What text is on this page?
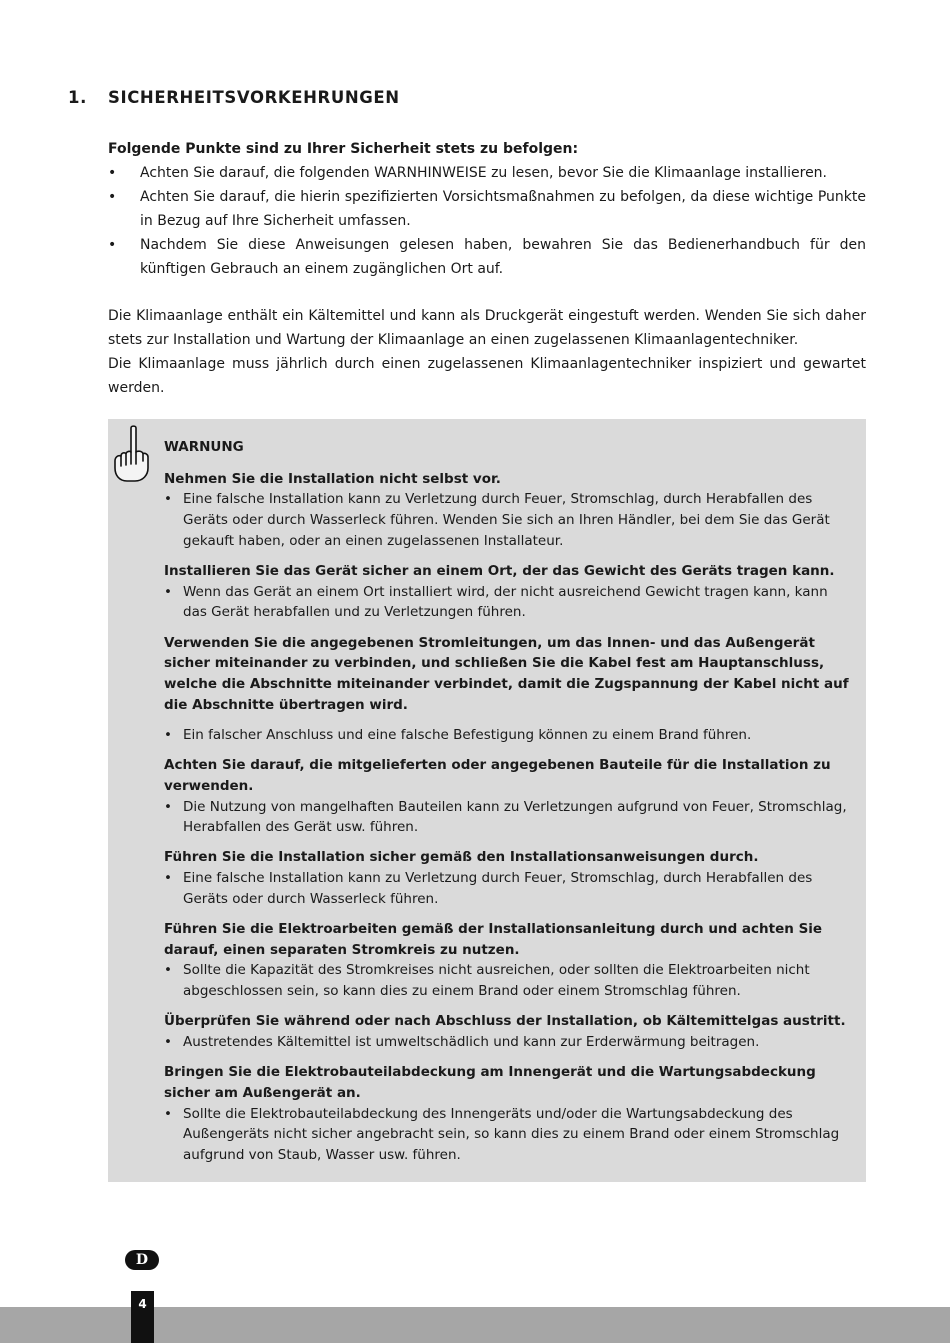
1. SICHERHEITSVORKEHRUNGEN
Folgende Punkte sind zu Ihrer Sicherheit stets zu befolgen:
• Achten Sie darauf, die folgenden WARNHINWEISE zu lesen, bevor Sie die Klimaanlage installieren.
• Achten Sie darauf, die hierin spezifizierten Vorsichtsmaßnahmen zu befolgen, da diese wichtige Punkte in Bezug auf Ihre Sicherheit umfassen.
• Nachdem Sie diese Anweisungen gelesen haben, bewahren Sie das Bedienerhandbuch für den künftigen Gebrauch an einem zugänglichen Ort auf.

Die Klimaanlage enthält ein Kältemittel und kann als Druckgerät eingestuft werden. Wenden Sie sich daher stets zur Installation und Wartung der Klimaanlage an einen zugelassenen Klimaanlagentechniker.

Die Klimaanlage muss jährlich durch einen zugelassenen Klimaanlagentechniker inspiziert und gewartet werden.

WARNUNG
Nehmen Sie die Installation nicht selbst vor.
• Eine falsche Installation kann zu Verletzung durch Feuer, Stromschlag, durch Herabfallen des Geräts oder durch Wasserleck führen. Wenden Sie sich an Ihren Händler, bei dem Sie das Gerät gekauft haben, oder an einen zugelassenen Installateur.
Installieren Sie das Gerät sicher an einem Ort, der das Gewicht des Geräts tragen kann.
• Wenn das Gerät an einem Ort installiert wird, der nicht ausreichend Gewicht tragen kann, kann das Gerät herabfallen und zu Verletzungen führen.
Verwenden Sie die angegebenen Stromleitungen, um das Innen- und das Außengerät sicher miteinander zu verbinden, und schließen Sie die Kabel fest am Hauptanschluss, welche die Abschnitte miteinander verbindet, damit die Zugspannung der Kabel nicht auf die Abschnitte übertragen wird.
• Ein falscher Anschluss und eine falsche Befestigung können zu einem Brand führen.
Achten Sie darauf, die mitgelieferten oder angegebenen Bauteile für die Installation zu verwenden.
• Die Nutzung von mangelhaften Bauteilen kann zu Verletzungen aufgrund von Feuer, Stromschlag, Herabfallen des Gerät usw. führen.
Führen Sie die Installation sicher gemäß den Installationsanweisungen durch.
• Eine falsche Installation kann zu Verletzung durch Feuer, Stromschlag, durch Herabfallen des Geräts oder durch Wasserleck führen.
Führen Sie die Elektroarbeiten gemäß der Installationsanleitung durch und achten Sie darauf, einen separaten Stromkreis zu nutzen.
• Sollte die Kapazität des Stromkreises nicht ausreichen, oder sollten die Elektroarbeiten nicht abgeschlossen sein, so kann dies zu einem Brand oder einem Stromschlag führen.
Überprüfen Sie während oder nach Abschluss der Installation, ob Kältemittelgas austritt.
• Austretendes Kältemittel ist umweltschädlich und kann zur Erderwärmung beitragen.
Bringen Sie die Elektrobauteilabdeckung am Innengerät und die Wartungsabdeckung sicher am Außengerät an.
• Sollte die Elektrobauteilabdeckung des Innengeräts und/oder die Wartungsabdeckung des Außengeräts nicht sicher angebracht sein, so kann dies zu einem Brand oder einem Stromschlag aufgrund von Staub, Wasser usw. führen.
D
4
